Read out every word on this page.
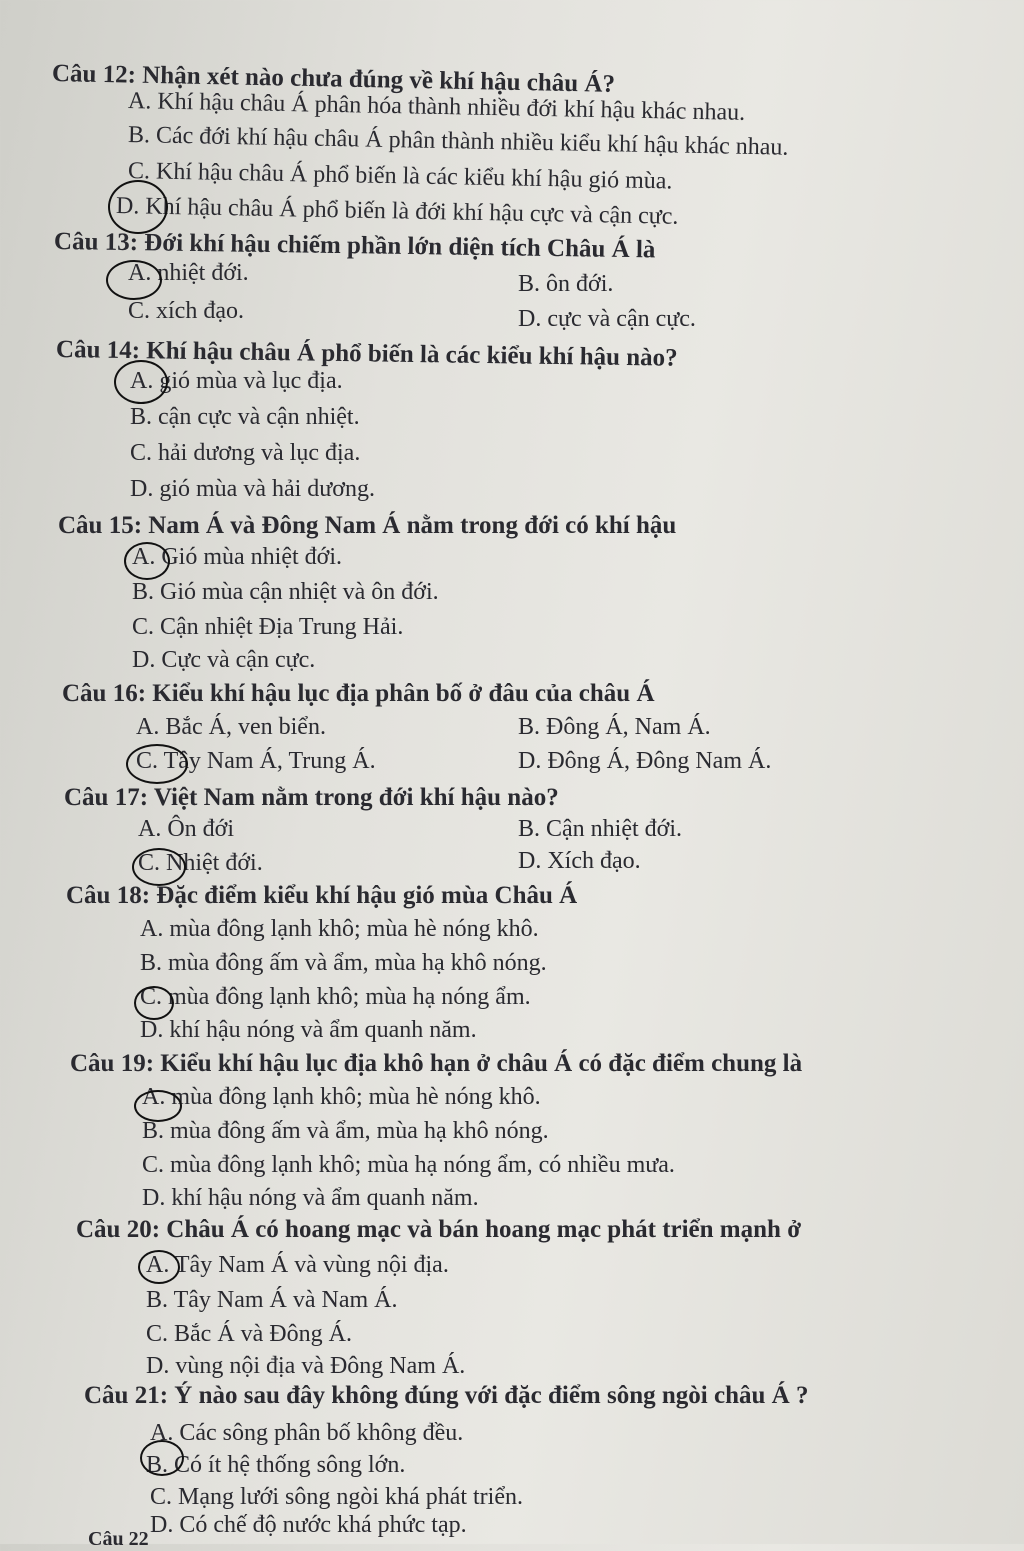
Câu 12: Nhận xét nào chưa đúng về khí hậu châu Á?
A. Khí hậu châu Á phân hóa thành nhiều đới khí hậu khác nhau.
B. Các đới khí hậu châu Á phân thành nhiều kiểu khí hậu khác nhau.
C. Khí hậu châu Á phổ biến là các kiểu khí hậu gió mùa.
D. Khí hậu châu Á phổ biến là đới khí hậu cực và cận cực.
Câu 13: Đới khí hậu chiếm phần lớn diện tích Châu Á là
A. nhiệt đới.	B. ôn đới.
C. xích đạo.	D. cực và cận cực.
Câu 14: Khí hậu châu Á phổ biến là các kiểu khí hậu nào?
A. gió mùa và lục địa.
B. cận cực và cận nhiệt.
C. hải dương và lục địa.
D. gió mùa và hải dương.
Câu 15: Nam Á và Đông Nam Á nằm trong đới có khí hậu
A. Gió mùa nhiệt đới.
B. Gió mùa cận nhiệt và ôn đới.
C. Cận nhiệt Địa Trung Hải.
D. Cực và cận cực.
Câu 16: Kiểu khí hậu lục địa phân bố ở đâu của châu Á
A. Bắc Á, ven biển.	B. Đông Á, Nam Á.
C. Tây Nam Á, Trung Á.	D. Đông Á, Đông Nam Á.
Câu 17: Việt Nam nằm trong đới khí hậu nào?
A. Ôn đới	B. Cận nhiệt đới.
C. Nhiệt đới.	D. Xích đạo.
Câu 18: Đặc điểm kiểu khí hậu gió mùa Châu Á
A. mùa đông lạnh khô; mùa hè nóng khô.
B. mùa đông ấm và ẩm, mùa hạ khô nóng.
C. mùa đông lạnh khô; mùa hạ nóng ẩm.
D. khí hậu nóng và ẩm quanh năm.
Câu 19: Kiểu khí hậu lục địa khô hạn ở châu Á có đặc điểm chung là
A. mùa đông lạnh khô; mùa hè nóng khô.
B. mùa đông ấm và ẩm, mùa hạ khô nóng.
C. mùa đông lạnh khô; mùa hạ nóng ẩm, có nhiều mưa.
D. khí hậu nóng và ẩm quanh năm.
Câu 20: Châu Á có hoang mạc và bán hoang mạc phát triển mạnh ở
A. Tây Nam Á và vùng nội địa.
B. Tây Nam Á và Nam Á.
C. Bắc Á và Đông Á.
D. vùng nội địa và Đông Nam Á.
Câu 21: Ý nào sau đây không đúng với đặc điểm sông ngòi châu Á ?
A. Các sông phân bố không đều.
B. Có ít hệ thống sông lớn.
C. Mạng lưới sông ngòi khá phát triển.
D. Có chế độ nước khá phức tạp.
Câu 22
